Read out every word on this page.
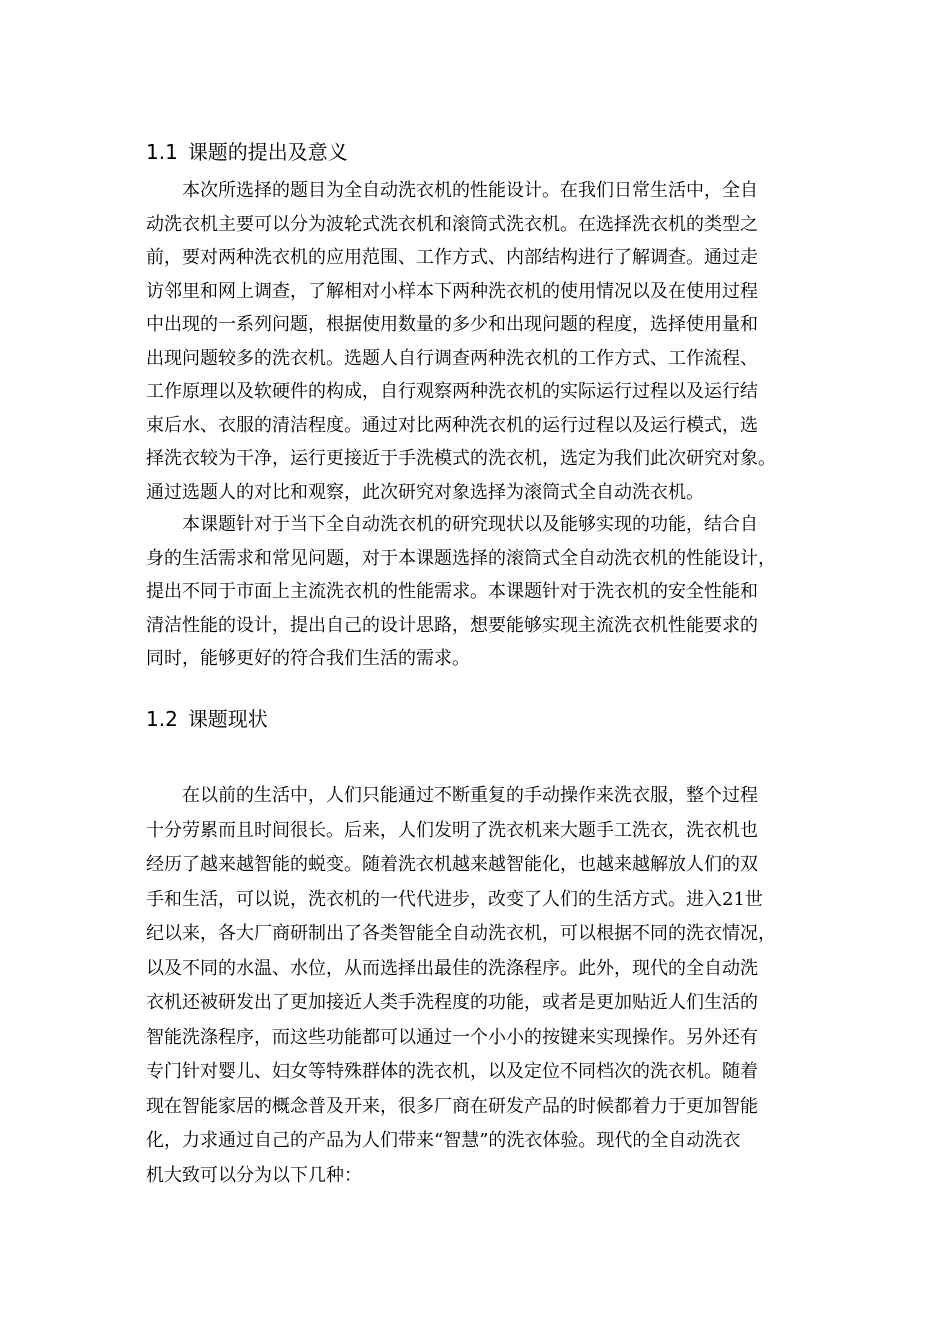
1.1 课题的提出及意义
　　本次所选择的题目为全自动洗衣机的性能设计。在我们日常生活中，全自
动洗衣机主要可以分为波轮式洗衣机和滚筒式洗衣机。在选择洗衣机的类型之
前，要对两种洗衣机的应用范围、工作方式、内部结构进行了解调查。通过走
访邻里和网上调查，了解相对小样本下两种洗衣机的使用情况以及在使用过程
中出现的一系列问题，根据使用数量的多少和出现问题的程度，选择使用量和
出现问题较多的洗衣机。选题人自行调查两种洗衣机的工作方式、工作流程、
工作原理以及软硬件的构成，自行观察两种洗衣机的实际运行过程以及运行结
束后水、衣服的清洁程度。通过对比两种洗衣机的运行过程以及运行模式，选
择洗衣较为干净，运行更接近于手洗模式的洗衣机，选定为我们此次研究对象。
通过选题人的对比和观察，此次研究对象选择为滚筒式全自动洗衣机。
　　本课题针对于当下全自动洗衣机的研究现状以及能够实现的功能，结合自
身的生活需求和常见问题，对于本课题选择的滚筒式全自动洗衣机的性能设计，
提出不同于市面上主流洗衣机的性能需求。本课题针对于洗衣机的安全性能和
清洁性能的设计，提出自己的设计思路，想要能够实现主流洗衣机性能要求的
同时，能够更好的符合我们生活的需求。
1.2 课题现状
　　在以前的生活中，人们只能通过不断重复的手动操作来洗衣服，整个过程
十分劳累而且时间很长。后来，人们发明了洗衣机来大题手工洗衣，洗衣机也
经历了越来越智能的蜕变。随着洗衣机越来越智能化，也越来越解放人们的双
手和生活，可以说，洗衣机的一代代进步，改变了人们的生活方式。进入21世
纪以来，各大厂商研制出了各类智能全自动洗衣机，可以根据不同的洗衣情况，
以及不同的水温、水位，从而选择出最佳的洗涤程序。此外，现代的全自动洗
衣机还被研发出了更加接近人类手洗程度的功能，或者是更加贴近人们生活的
智能洗涤程序，而这些功能都可以通过一个小小的按键来实现操作。另外还有
专门针对婴儿、妇女等特殊群体的洗衣机，以及定位不同档次的洗衣机。随着
现在智能家居的概念普及开来，很多厂商在研发产品的时候都着力于更加智能
化，力求通过自己的产品为人们带来“智慧”的洗衣体验。现代的全自动洗衣
机大致可以分为以下几种：
